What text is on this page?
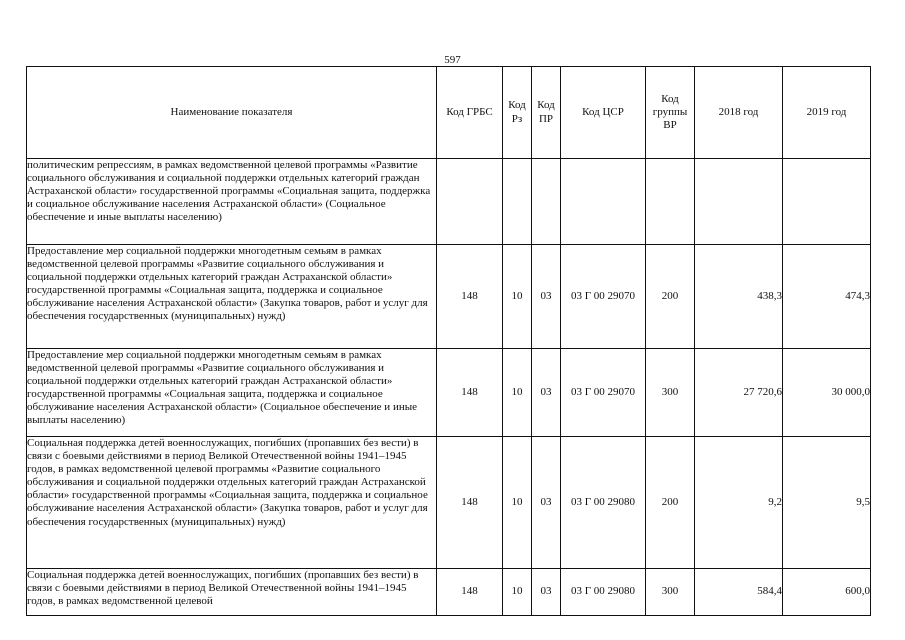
597
Наименование показателя	Код ГРБС	Код Рз	Код ПР	Код ЦСР	Код группы ВР	2018 год	2019 год
политическим репрессиям, в рамках ведомственной целевой программы «Развитие социального обслуживания и социальной поддержки отдельных категорий граждан Астраханской области» государственной программы «Социальная защита, поддержка и социальное обслуживание населения Астраханской области» (Социальное обеспечение и иные выплаты населению)							
Предоставление мер социальной поддержки многодетным семьям в рамках ведомственной целевой программы «Развитие социального обслуживания и социальной поддержки отдельных категорий граждан Астраханской области» государственной программы «Социальная защита, поддержка и социальное обслуживание населения Астраханской области» (Закупка товаров, работ и услуг для обеспечения государственных (муниципальных) нужд)	148	10	03	03 Г 00 29070	200	438,3	474,3
Предоставление мер социальной поддержки многодетным семьям в рамках ведомственной целевой программы «Развитие социального обслуживания и социальной поддержки отдельных категорий граждан Астраханской области» государственной программы «Социальная защита, поддержка и социальное обслуживание населения Астраханской области» (Социальное обеспечение и иные выплаты населению)	148	10	03	03 Г 00 29070	300	27 720,6	30 000,0
Социальная поддержка детей военнослужащих, погибших (пропавших без вести) в связи с боевыми действиями в период Великой Отечественной войны 1941–1945 годов, в рамках ведомственной целевой программы «Развитие социального обслуживания и социальной поддержки отдельных категорий граждан Астраханской области» государственной программы «Социальная защита, поддержка и социальное обслуживание населения Астраханской области» (Закупка товаров, работ и услуг для обеспечения государственных (муниципальных) нужд)	148	10	03	03 Г 00 29080	200	9,2	9,5
Социальная поддержка детей военнослужащих, погибших (пропавших без вести) в связи с боевыми действиями в период Великой Отечественной войны 1941–1945 годов, в рамках ведомственной целевой	148	10	03	03 Г 00 29080	300	584,4	600,0
